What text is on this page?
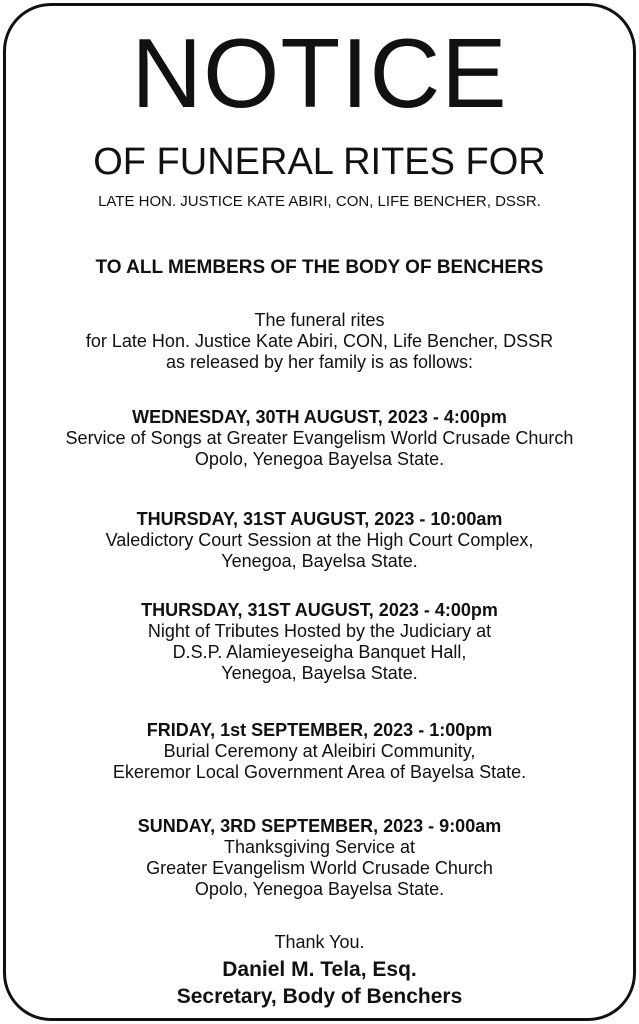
NOTICE
OF FUNERAL RITES FOR
LATE HON. JUSTICE KATE ABIRI, CON, LIFE BENCHER, DSSR.
TO ALL MEMBERS OF THE BODY OF BENCHERS
The funeral rites
for Late Hon. Justice Kate Abiri, CON, Life Bencher, DSSR
as released by her family is as follows:
WEDNESDAY, 30TH AUGUST, 2023 - 4:00pm
Service of Songs at Greater Evangelism World Crusade Church
Opolo, Yenegoa Bayelsa State.
THURSDAY, 31ST AUGUST, 2023 - 10:00am
Valedictory Court Session at the High Court Complex,
Yenegoa, Bayelsa State.
THURSDAY, 31ST AUGUST, 2023 - 4:00pm
Night of Tributes Hosted by the Judiciary at
D.S.P. Alamieyeseigha Banquet Hall,
Yenegoa, Bayelsa State.
FRIDAY, 1st SEPTEMBER, 2023 - 1:00pm
Burial Ceremony at Aleibiri Community,
Ekeremor Local Government Area of Bayelsa State.
SUNDAY, 3RD SEPTEMBER, 2023 - 9:00am
Thanksgiving Service at
Greater Evangelism World Crusade Church
Opolo, Yenegoa Bayelsa State.
Thank You.
Daniel M. Tela, Esq.
Secretary, Body of Benchers
